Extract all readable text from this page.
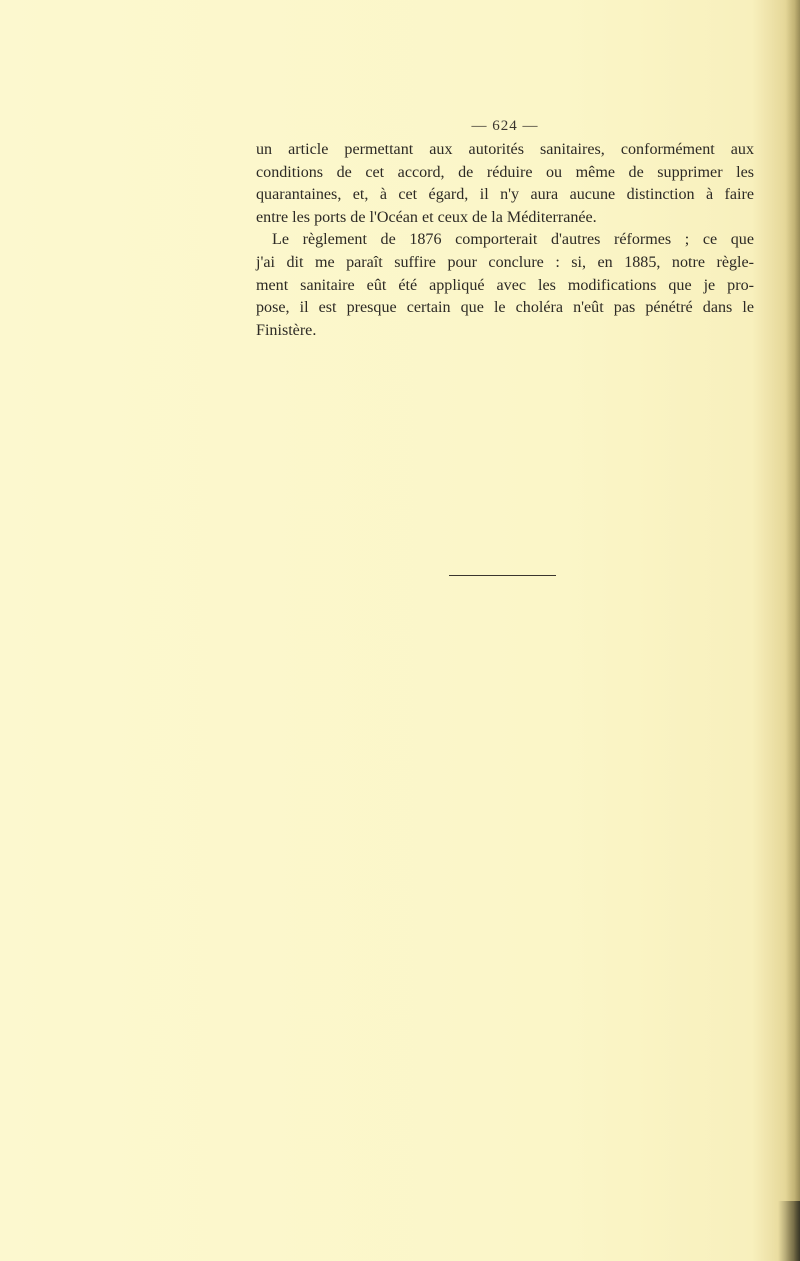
— 624 —
un article permettant aux autorités sanitaires, conformément aux
conditions de cet accord, de réduire ou même de supprimer les
quarantaines, et, à cet égard, il n'y aura aucune distinction à faire
entre les ports de l'Océan et ceux de la Méditerranée.
Le règlement de 1876 comporterait d'autres réformes ; ce que
j'ai dit me paraît suffire pour conclure : si, en 1885, notre règle-
ment sanitaire eût été appliqué avec les modifications que je pro-
pose, il est presque certain que le choléra n'eût pas pénétré dans le
Finistère.
